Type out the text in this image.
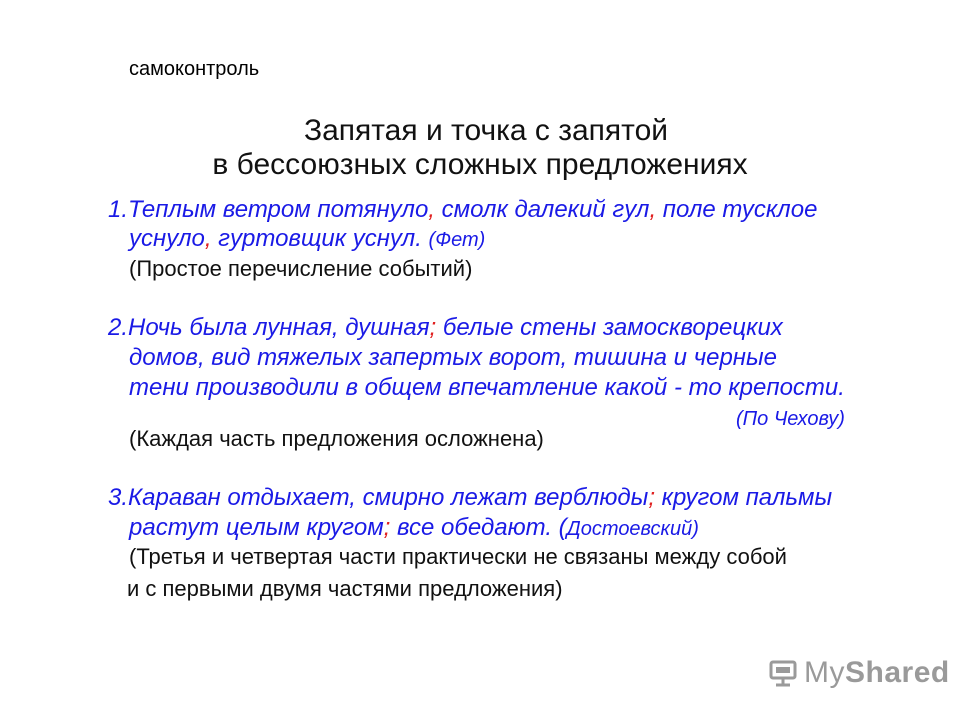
самоконтроль
Запятая и точка с запятой
в бессоюзных сложных предложениях
1.Теплым ветром потянуло, смолк далекий гул, поле тусклое
уснуло, гуртовщик уснул. (Фет)
(Простое перечисление событий)
2.Ночь была лунная, душная; белые стены замоскворецких
домов, вид тяжелых запертых ворот, тишина и черные
тени производили в общем впечатление какой - то крепости.
(По Чехову)
(Каждая часть предложения осложнена)
3.Караван отдыхает, смирно лежат верблюды; кругом пальмы
растут целым кругом; все обедают. (Достоевский)
(Третья и четвертая части практически не связаны между собой
и с первыми двумя частями предложения)
MyShared
